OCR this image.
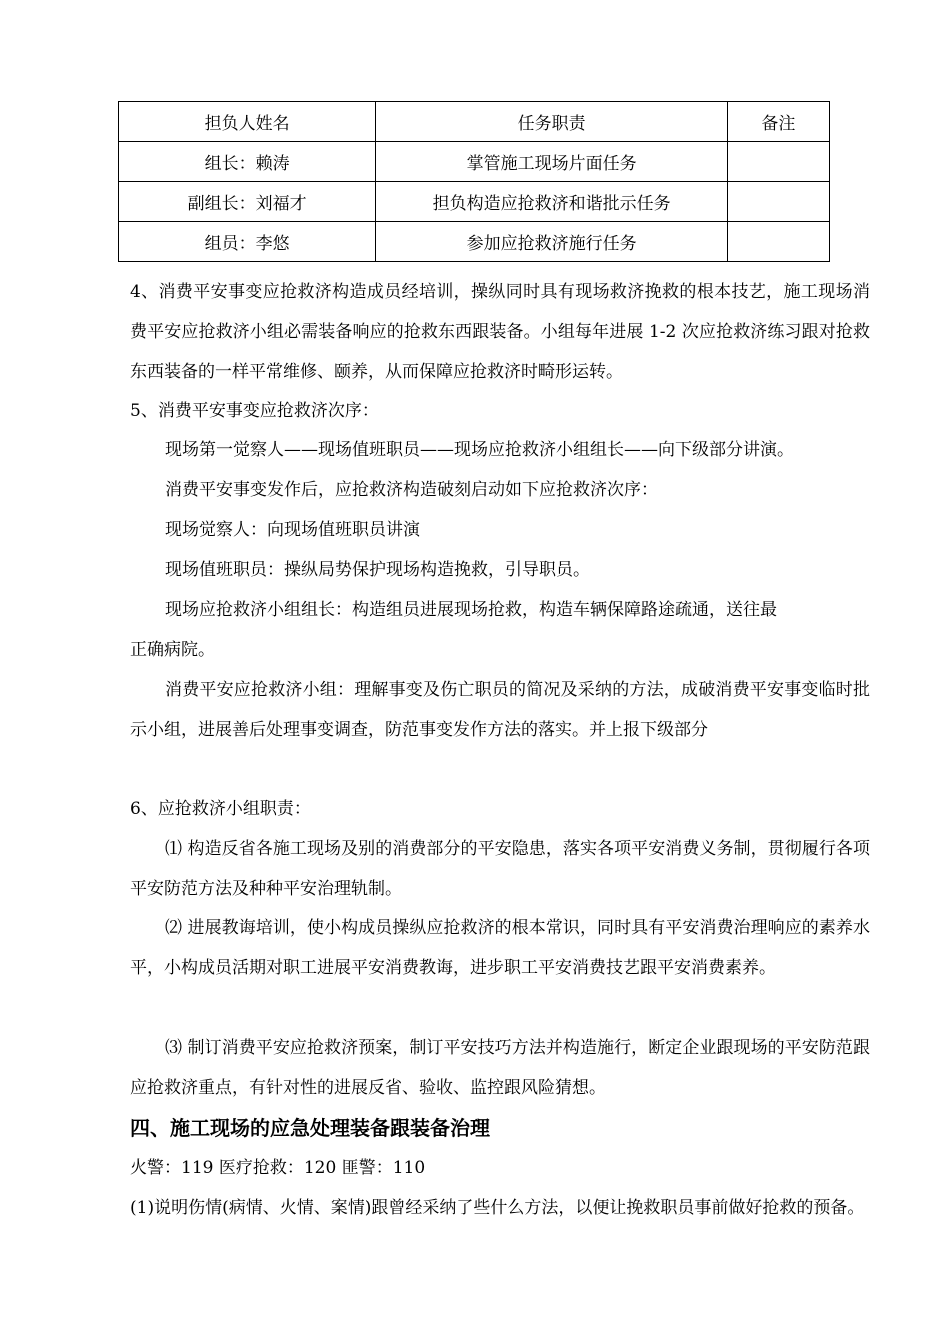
担负人姓名	任务职责	备注
组长：赖涛	掌管施工现场片面任务	
副组长：刘福才	担负构造应抢救济和谐批示任务	
组员：李悠	参加应抢救济施行任务	
4、消费平安事变应抢救济构造成员经培训，操纵同时具有现场救济挽救的根本技艺，施工现场消费平安应抢救济小组必需装备响应的抢救东西跟装备。小组每年进展 1-2 次应抢救济练习跟对抢救东西装备的一样平常维修、颐养，从而保障应抢救济时畸形运转。
5、消费平安事变应抢救济次序：
现场第一觉察人——现场值班职员——现场应抢救济小组组长——向下级部分讲演。
消费平安事变发作后，应抢救济构造破刻启动如下应抢救济次序：
现场觉察人：向现场值班职员讲演
现场值班职员：操纵局势保护现场构造挽救，引导职员。
现场应抢救济小组组长：构造组员进展现场抢救，构造车辆保障路途疏通，送往最
正确病院。
消费平安应抢救济小组：理解事变及伤亡职员的简况及采纳的方法，成破消费平安事变临时批示小组，进展善后处理事变调查，防范事变发作方法的落实。并上报下级部分
6、应抢救济小组职责：
⑴ 构造反省各施工现场及别的消费部分的平安隐患，落实各项平安消费义务制，贯彻履行各项平安防范方法及种种平安治理轨制。
⑵ 进展教诲培训，使小构成员操纵应抢救济的根本常识，同时具有平安消费治理响应的素养水平，小构成员活期对职工进展平安消费教诲，进步职工平安消费技艺跟平安消费素养。
⑶ 制订消费平安应抢救济预案，制订平安技巧方法并构造施行，断定企业跟现场的平安防范跟应抢救济重点，有针对性的进展反省、验收、监控跟风险猜想。
四、施工现场的应急处理装备跟装备治理
火警：119 医疗抢救：120 匪警：110
(1)说明伤情(病情、火情、案情)跟曾经采纳了些什么方法，以便让挽救职员事前做好抢救的预备。
